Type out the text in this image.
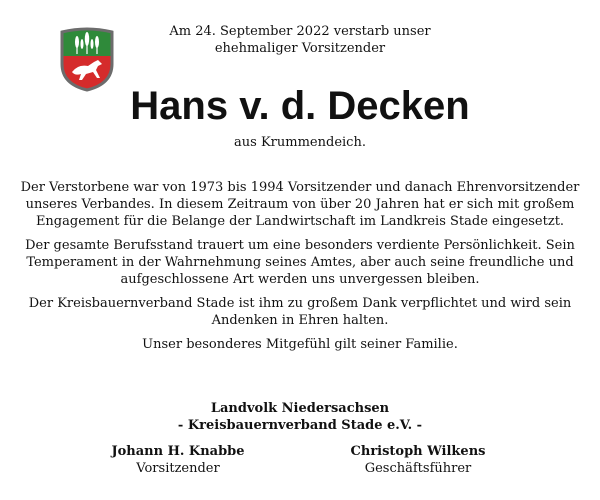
Am 24. September 2022 verstarb unser
ehehmaliger Vorsitzender
Hans v. d. Decken
aus Krummendeich.

Der Verstorbene war von 1973 bis 1994 Vorsitzender und danach Ehrenvorsitzender unseres Verbandes. In diesem Zeitraum von über 20 Jahren hat er sich mit großem Engagement für die Belange der Landwirtschaft im Landkreis Stade eingesetzt.

Der gesamte Berufsstand trauert um eine besonders verdiente Persönlichkeit. Sein Temperament in der Wahrnehmung seines Amtes, aber auch seine freundliche und aufgeschlossene Art werden uns unvergessen bleiben.

Der Kreisbauernverband Stade ist ihm zu großem Dank verpflichtet und wird sein Andenken in Ehren halten.

Unser besonderes Mitgefühl gilt seiner Familie.

Landvolk Niedersachsen
- Kreisbauernverband Stade e.V. -
Johann H. Knabbe
Vorsitzender
Christoph Wilkens
Geschäftsführer
